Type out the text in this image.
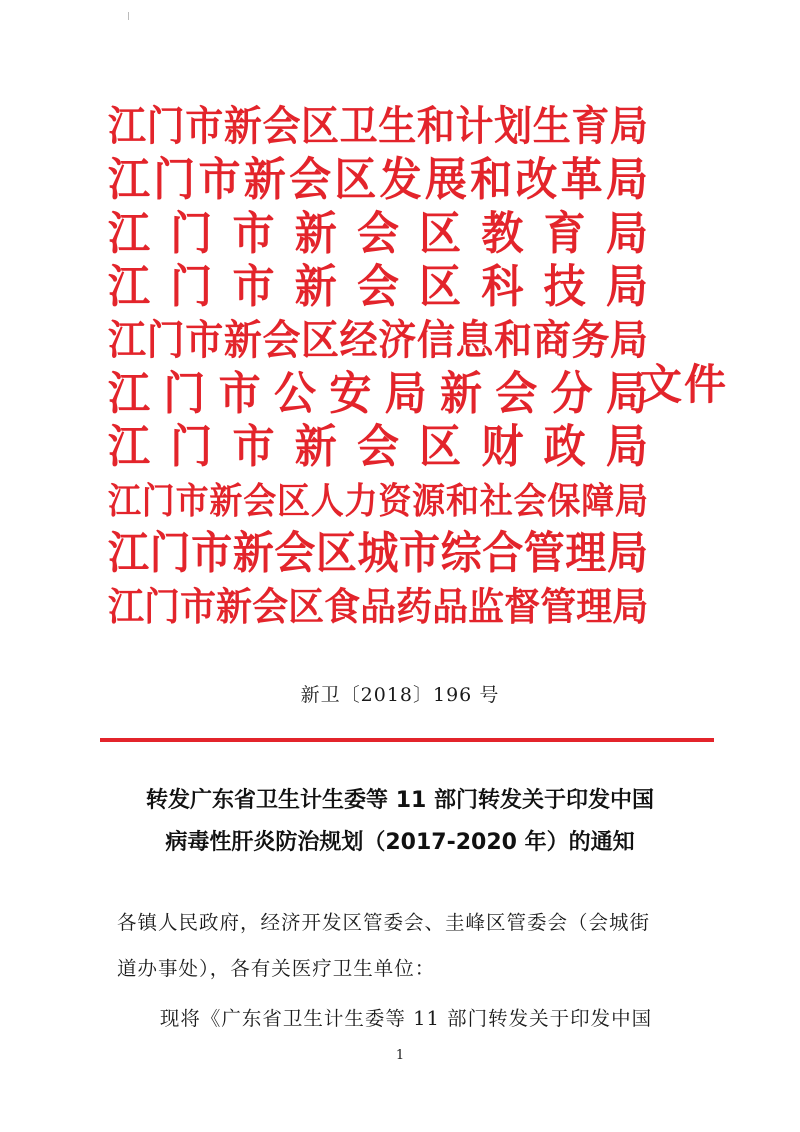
江 门 市 新 会 区 卫 生 和 计 划 生 育 局
江 门 市 新 会 区 发 展 和 改 革 局
江 门 市 新 会 区 教 育 局
江 门 市 新 会 区 科 技 局
江 门 市 新 会 区 经 济 信 息 和 商 务 局
江 门 市 公 安 局 新 会 分 局
江 门 市 新 会 区 财 政 局
江 门 市 新 会 区 人 力 资 源 和 社 会 保 障 局
江 门 市 新 会 区 城 市 综 合 管 理 局
江 门 市 新 会 区 食 品 药 品 监 督 管 理 局
文件
新卫〔2018〕196 号
转发广东省卫生计生委等 11 部门转发关于印发中国
病毒性肝炎防治规划（2017-2020 年）的通知

各镇人民政府，经济开发区管委会、圭峰区管委会（会城街

道办事处），各有关医疗卫生单位：

现将《广东省卫生计生委等 11 部门转发关于印发中国

1
